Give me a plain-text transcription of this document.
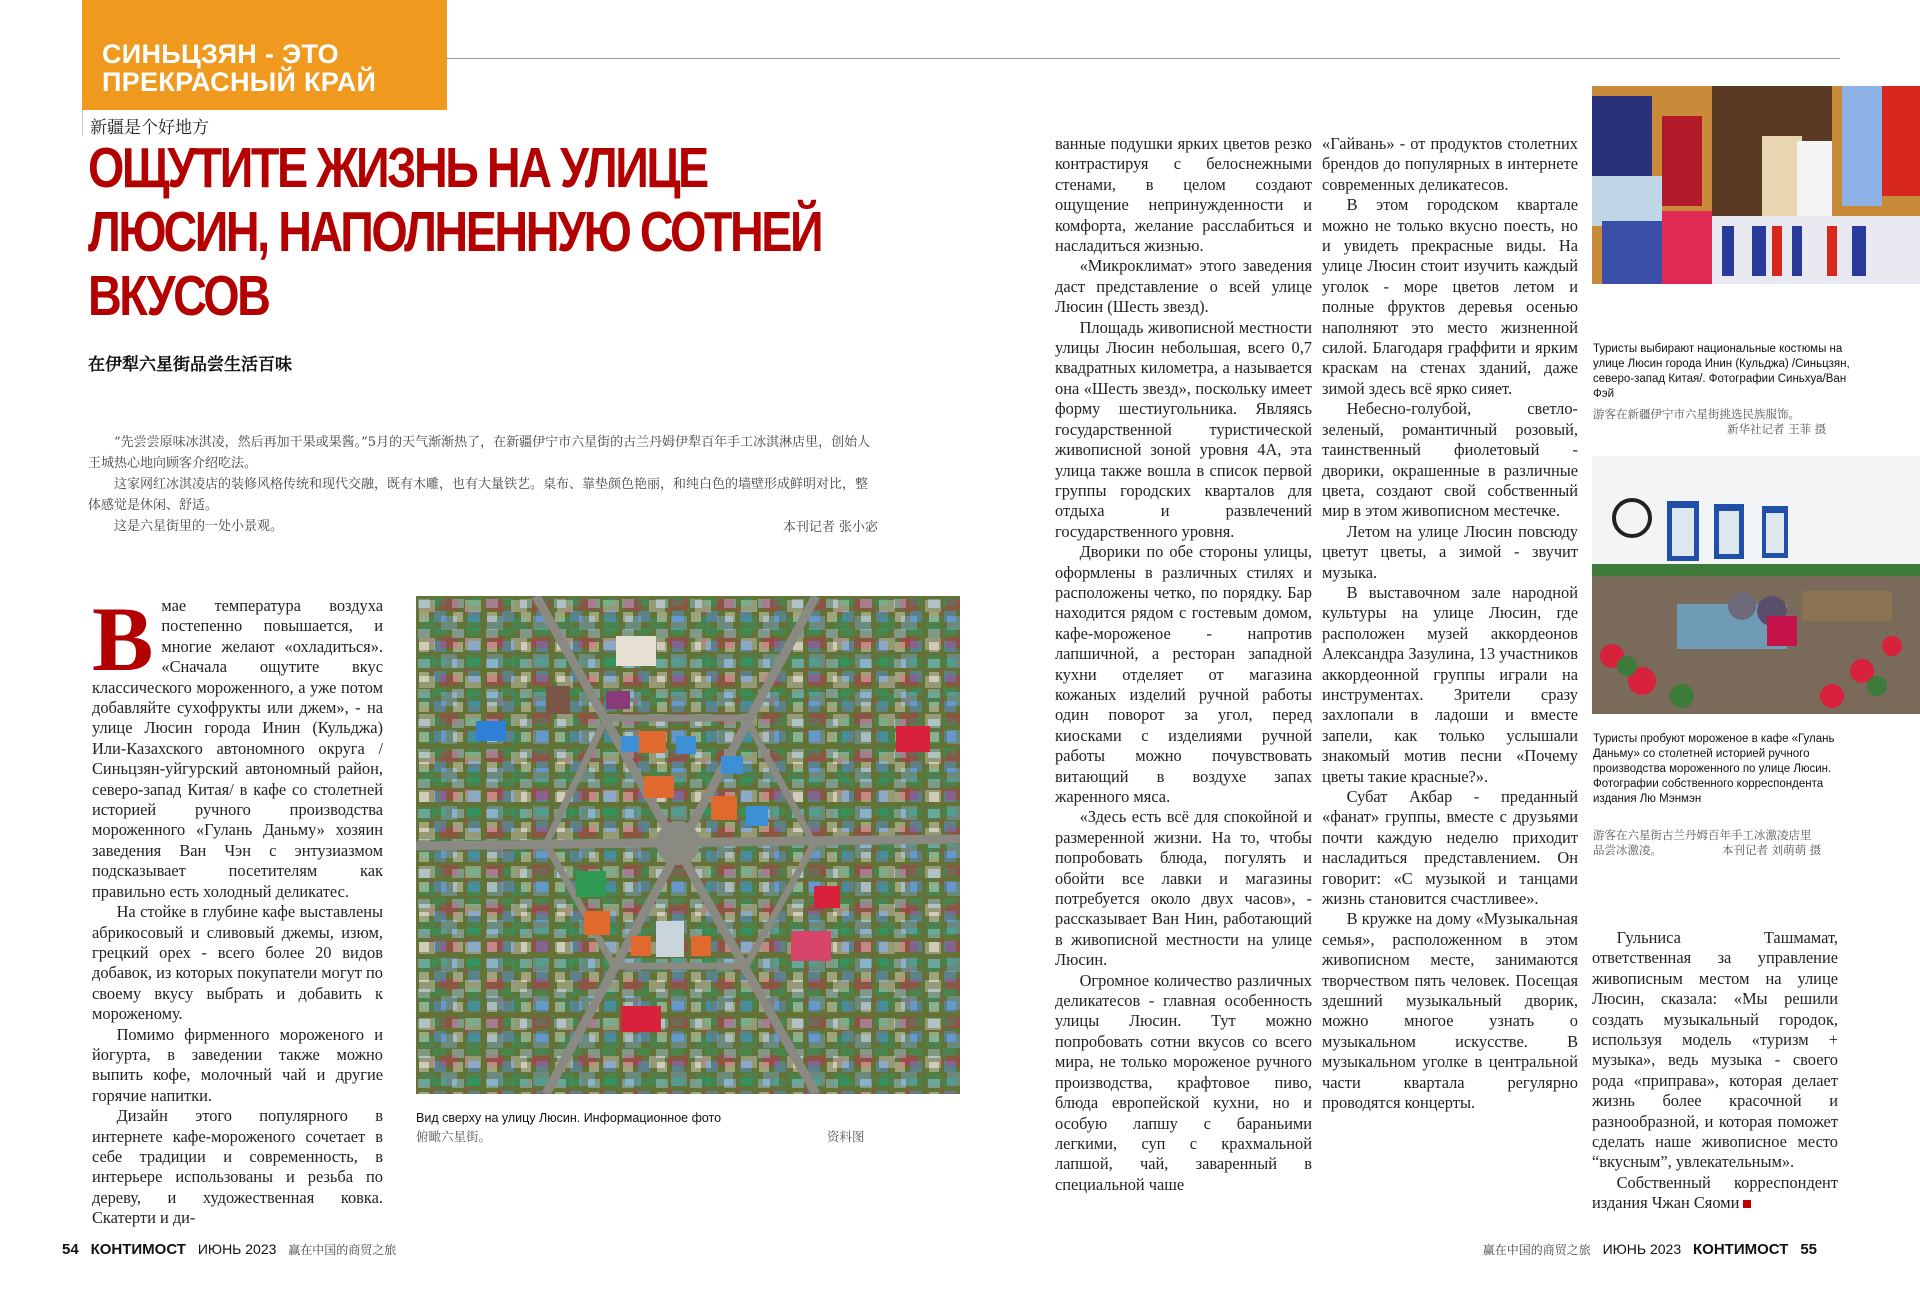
СИНЬЦЗЯН - ЭТО
ПРЕКРАСНЫЙ КРАЙ
新疆是个好地方
ОЩУТИТЕ ЖИЗНЬ НА УЛИЦЕ
ЛЮСИН, НАПОЛНЕННУЮ СОТНЕЙ
ВКУСОВ
在伊犁六星街品尝生活百味

“先尝尝原味冰淇凌，然后再加干果或果酱。”5月的天气渐渐热了，在新疆伊宁市六星街的古兰丹姆伊犁百年手工冰淇淋店里，创始人王城热心地向顾客介绍吃法。

这家网红冰淇凌店的装修风格传统和现代交融，既有木雕，也有大量铁艺。桌布、靠垫颜色艳丽，和纯白色的墙壁形成鲜明对比，整体感觉是休闲、舒适。

这是六星街里的一处小景观。	本刊记者 张小宓

Вмае температура воздуха постепенно повышается, и многие желают «охладиться». «Сначала ощутите вкус классического мороженного, а уже потом добавляйте сухофрукты или джем», - на улице Люсин города Инин (Кульджа) Или-Казахского автономного округа / Синьцзян-уйгурский автономный район, северо-запад Китая/ в кафе со столетней историей ручного производства мороженного «Гулань Даньму» хозяин заведения Ван Чэн с энтузиазмом подсказывает посетителям как правильно есть холодный деликатес.

На стойке в глубине кафе выставлены абрикосовый и сливовый джемы, изюм, грецкий орех - всего более 20 видов добавок, из которых покупатели могут по своему вкусу выбрать и добавить к мороженому.

Помимо фирменного мороженого и йогурта, в заведении также можно выпить кофе, молочный чай и другие горячие напитки.

Дизайн этого популярного в интернете кафе-мороженого сочетает в себе традиции и современность, в интерьере использованы и резьба по дереву, и художественная ковка. Скатерти и ди-

Вид сверху на улицу Люсин. Информационное фото
俯瞰六星街。	资料图

ванные подушки ярких цветов резко контрастируя с белоснежными стенами, в целом создают ощущение непринужденности и комфорта, желание расслабиться и насладиться жизнью.

«Микроклимат» этого заведения даст представление о всей улице Люсин (Шесть звезд).

Площадь живописной местности улицы Люсин небольшая, всего 0,7 квадратных километра, а называется она «Шесть звезд», поскольку имеет форму шестиугольника. Являясь государственной туристической живописной зоной уровня 4А, эта улица также вошла в список первой группы городских кварталов для отдыха и развлечений государственного уровня.

Дворики по обе стороны улицы, оформлены в различных стилях и расположены четко, по порядку. Бар находится рядом с гостевым домом, кафе-мороженое - напротив лапшичной, а ресторан западной кухни отделяет от магазина кожаных изделий ручной работы один поворот за угол, перед киосками с изделиями ручной работы можно почувствовать витающий в воздухе запах жаренного мяса.

«Здесь есть всё для спокойной и размеренной жизни. На то, чтобы попробовать блюда, погулять и обойти все лавки и магазины потребуется около двух часов», - рассказывает Ван Нин, работающий в живописной местности на улице Люсин.

Огромное количество различных деликатесов - главная особенность улицы Люсин. Тут можно попробовать сотни вкусов со всего мира, не только мороженое ручного производства, крафтовое пиво, блюда европейской кухни, но и особую лапшу с бараньими легкими, суп с крахмальной лапшой, чай, заваренный в специальной чаше

«Гайвань» - от продуктов столетних брендов до популярных в интернете современных деликатесов.

В этом городском квартале можно не только вкусно поесть, но и увидеть прекрасные виды. На улице Люсин стоит изучить каждый уголок - море цветов летом и полные фруктов деревья осенью наполняют это место жизненной силой. Благодаря граффити и ярким краскам на стенах зданий, даже зимой здесь всё ярко сияет.

Небесно-голубой, светло-зеленый, романтичный розовый, таинственный фиолетовый - дворики, окрашенные в различные цвета, создают свой собственный мир в этом живописном местечке.

Летом на улице Люсин повсюду цветут цветы, а зимой - звучит музыка.

В выставочном зале народной культуры на улице Люсин, где расположен музей аккордеонов Александра Зазулина, 13 участников аккордеонной группы играли на инструментах. Зрители сразу захлопали в ладоши и вместе запели, как только услышали знакомый мотив песни «Почему цветы такие красные?».

Субат Акбар - преданный «фанат» группы, вместе с друзьями почти каждую неделю приходит насладиться представлением. Он говорит: «С музыкой и танцами жизнь становится счастливее».

В кружке на дому «Музыкальная семья», расположенном в этом живописном месте, занимаются творчеством пять человек. Посещая здешний музыкальный дворик, можно многое узнать о музыкальном искусстве. В музыкальном уголке в центральной части квартала регулярно проводятся концерты.

Туристы выбирают национальные костюмы на улице Люсин города Инин (Кульджа) /Синьцзян, северо-запад Китая/. Фотографии Синьхуа/Ван Фэй
游客在新疆伊宁市六星街挑选民族服饰。
新华社记者 王菲 摄
Туристы пробуют мороженое в кафе «Гулань Даньму» со столетней историей ручного производства мороженного по улице Люсин. Фотографии собственного корреспондента издания Лю Мэнмэн
游客在六星街古兰丹姆百年手工冰激凌店里
品尝冰激凌。	本刊记者 刘萌萌 摄

Гульниса Ташмамат, ответственная за управление живописным местом на улице Люсин, сказала: «Мы решили создать музыкальный городок, используя модель «туризм + музыка», ведь музыка - своего рода «приправа», которая делает жизнь более красочной и разнообразной, и которая поможет сделать наше живописное место “вкусным”, увлекательным».

Собственный корреспондент издания Чжан Сяоми

54 КОНТИМОСТ ИЮНЬ 2023 赢在中国的商贸之旅	赢在中国的商贸之旅 ИЮНЬ 2023 КОНТИМОСТ 55
